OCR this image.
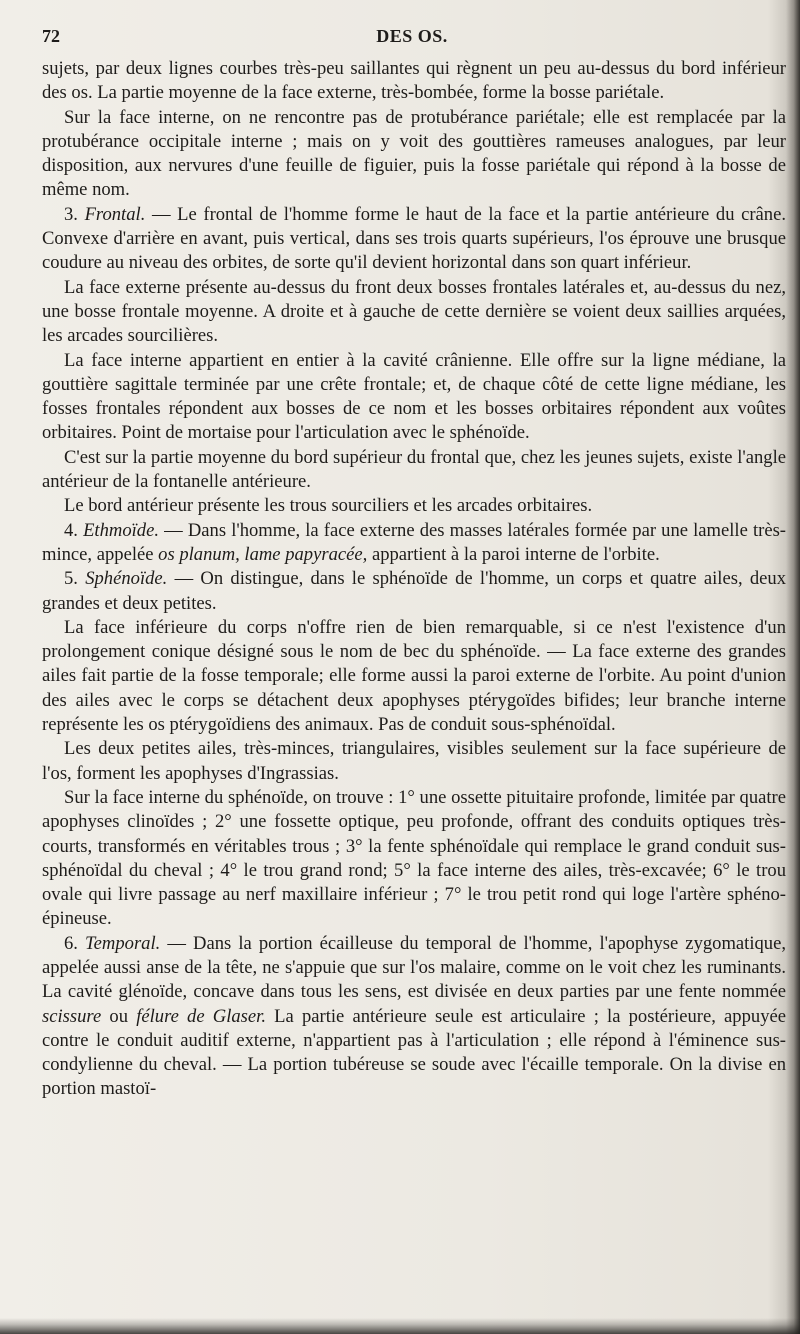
72	DES OS.

sujets, par deux lignes courbes très-peu saillantes qui règnent un peu au-dessus du bord inférieur des os. La partie moyenne de la face externe, très-bombée, forme la bosse pariétale.

Sur la face interne, on ne rencontre pas de protubérance pariétale; elle est remplacée par la protubérance occipitale interne ; mais on y voit des gouttières rameuses analogues, par leur disposition, aux nervures d'une feuille de figuier, puis la fosse pariétale qui répond à la bosse de même nom.

3. Frontal. — Le frontal de l'homme forme le haut de la face et la partie antérieure du crâne. Convexe d'arrière en avant, puis vertical, dans ses trois quarts supérieurs, l'os éprouve une brusque coudure au niveau des orbites, de sorte qu'il devient horizontal dans son quart inférieur.

La face externe présente au-dessus du front deux bosses frontales latérales et, au-dessus du nez, une bosse frontale moyenne. A droite et à gauche de cette dernière se voient deux saillies arquées, les arcades sourcilières.

La face interne appartient en entier à la cavité crânienne. Elle offre sur la ligne médiane, la gouttière sagittale terminée par une crête frontale; et, de chaque côté de cette ligne médiane, les fosses frontales répondent aux bosses de ce nom et les bosses orbitaires répondent aux voûtes orbitaires. Point de mortaise pour l'articulation avec le sphénoïde.

C'est sur la partie moyenne du bord supérieur du frontal que, chez les jeunes sujets, existe l'angle antérieur de la fontanelle antérieure.

Le bord antérieur présente les trous sourciliers et les arcades orbitaires.

4. Ethmoïde. — Dans l'homme, la face externe des masses latérales formée par une lamelle très-mince, appelée os planum, lame papyracée, appartient à la paroi interne de l'orbite.

5. Sphénoïde. — On distingue, dans le sphénoïde de l'homme, un corps et quatre ailes, deux grandes et deux petites.

La face inférieure du corps n'offre rien de bien remarquable, si ce n'est l'existence d'un prolongement conique désigné sous le nom de bec du sphénoïde. — La face externe des grandes ailes fait partie de la fosse temporale; elle forme aussi la paroi externe de l'orbite. Au point d'union des ailes avec le corps se détachent deux apophyses ptérygoïdes bifides; leur branche interne représente les os ptérygoïdiens des animaux. Pas de conduit sous-sphénoïdal.

Les deux petites ailes, très-minces, triangulaires, visibles seulement sur la face supérieure de l'os, forment les apophyses d'Ingrassias.

Sur la face interne du sphénoïde, on trouve : 1° une ossette pituitaire profonde, limitée par quatre apophyses clinoïdes ; 2° une fossette optique, peu profonde, offrant des conduits optiques très-courts, transformés en véritables trous ; 3° la fente sphénoïdale qui remplace le grand conduit sus-sphénoïdal du cheval ; 4° le trou grand rond; 5° la face interne des ailes, très-excavée; 6° le trou ovale qui livre passage au nerf maxillaire inférieur ; 7° le trou petit rond qui loge l'artère sphéno-épineuse.

6. Temporal. — Dans la portion écailleuse du temporal de l'homme, l'apophyse zygomatique, appelée aussi anse de la tête, ne s'appuie que sur l'os malaire, comme on le voit chez les ruminants. La cavité glénoïde, concave dans tous les sens, est divisée en deux parties par une fente nommée scissure ou félure de Glaser. La partie antérieure seule est articulaire ; la postérieure, appuyée contre le conduit auditif externe, n'appartient pas à l'articulation ; elle répond à l'éminence sus-condylienne du cheval. — La portion tubéreuse se soude avec l'écaille temporale. On la divise en portion mastoï-
